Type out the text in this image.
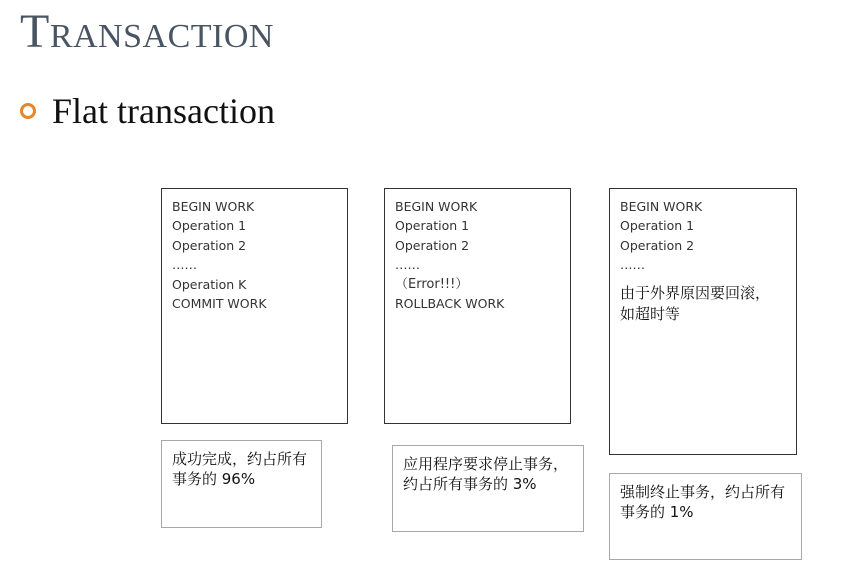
Transaction
Flat transaction
BEGIN WORK
Operation 1
Operation 2
……
Operation K
COMMIT WORK
BEGIN WORK
Operation 1
Operation 2
……
（Error!!!）
ROLLBACK WORK
BEGIN WORK
Operation 1
Operation 2
……
由于外界原因要回滚，
如超时等
成功完成，约占所有
事务的 96%
应用程序要求停止事务，
约占所有事务的 3%	强制终止事务，约占所有
事务的 1%
